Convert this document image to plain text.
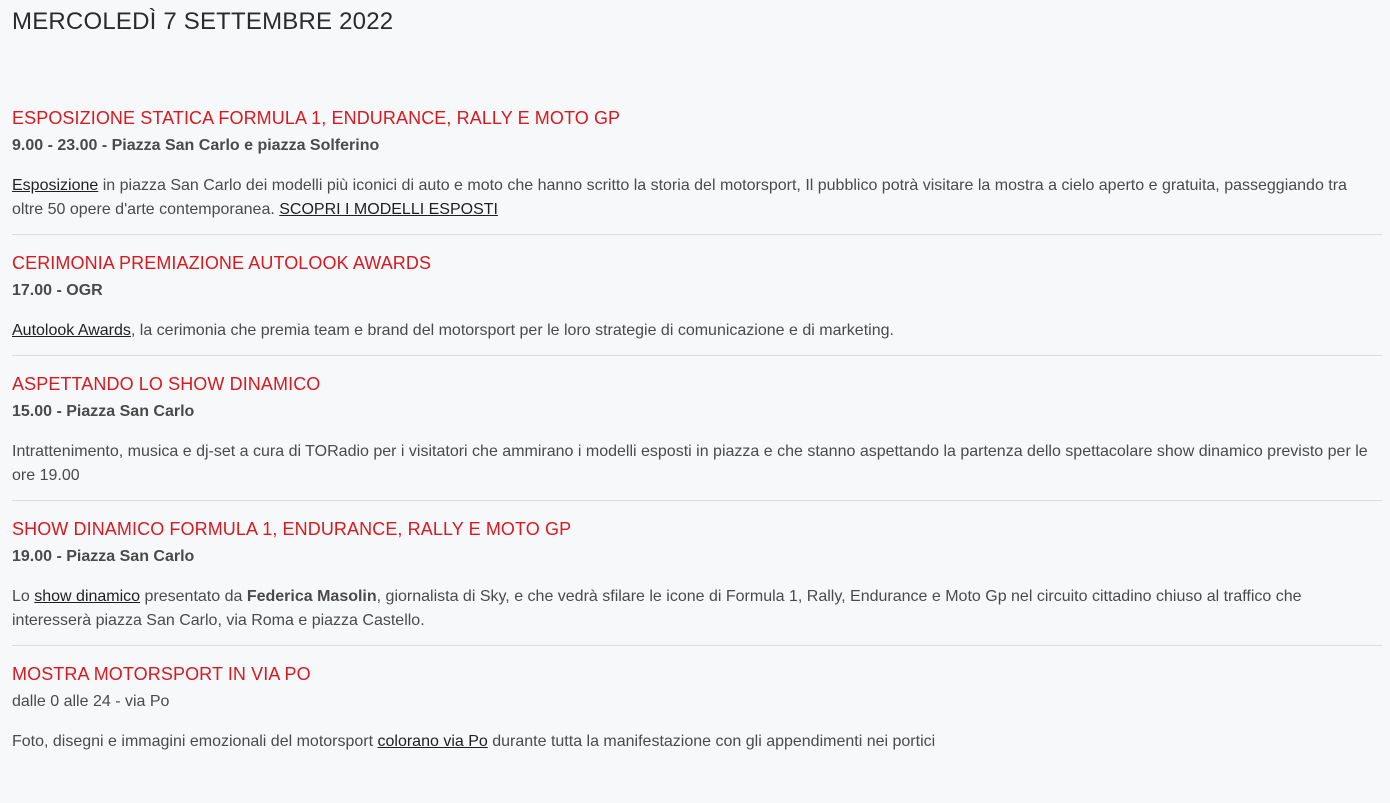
MERCOLEDÌ 7 SETTEMBRE 2022
ESPOSIZIONE STATICA FORMULA 1, ENDURANCE, RALLY E MOTO GP

9.00 - 23.00 - Piazza San Carlo e piazza Solferino

Esposizione in piazza San Carlo dei modelli più iconici di auto e moto che hanno scritto la storia del motorsport, Il pubblico potrà visitare la mostra a cielo aperto e gratuita, passeggiando tra oltre 50 opere d'arte contemporanea. SCOPRI I MODELLI ESPOSTI

CERIMONIA PREMIAZIONE AUTOLOOK AWARDS

17.00 - OGR

Autolook Awards, la cerimonia che premia team e brand del motorsport per le loro strategie di comunicazione e di marketing.

ASPETTANDO LO SHOW DINAMICO

15.00 - Piazza San Carlo

Intrattenimento, musica e dj-set a cura di TORadio per i visitatori che ammirano i modelli esposti in piazza e che stanno aspettando la partenza dello spettacolare show dinamico previsto per le ore 19.00

SHOW DINAMICO FORMULA 1, ENDURANCE, RALLY E MOTO GP

19.00 - Piazza San Carlo

Lo show dinamico presentato da Federica Masolin, giornalista di Sky, e che vedrà sfilare le icone di Formula 1, Rally, Endurance e Moto Gp nel circuito cittadino chiuso al traffico che interesserà piazza San Carlo, via Roma e piazza Castello.

MOSTRA MOTORSPORT IN VIA PO

dalle 0 alle 24 - via Po

Foto, disegni e immagini emozionali del motorsport colorano via Po durante tutta la manifestazione con gli appendimenti nei portici
